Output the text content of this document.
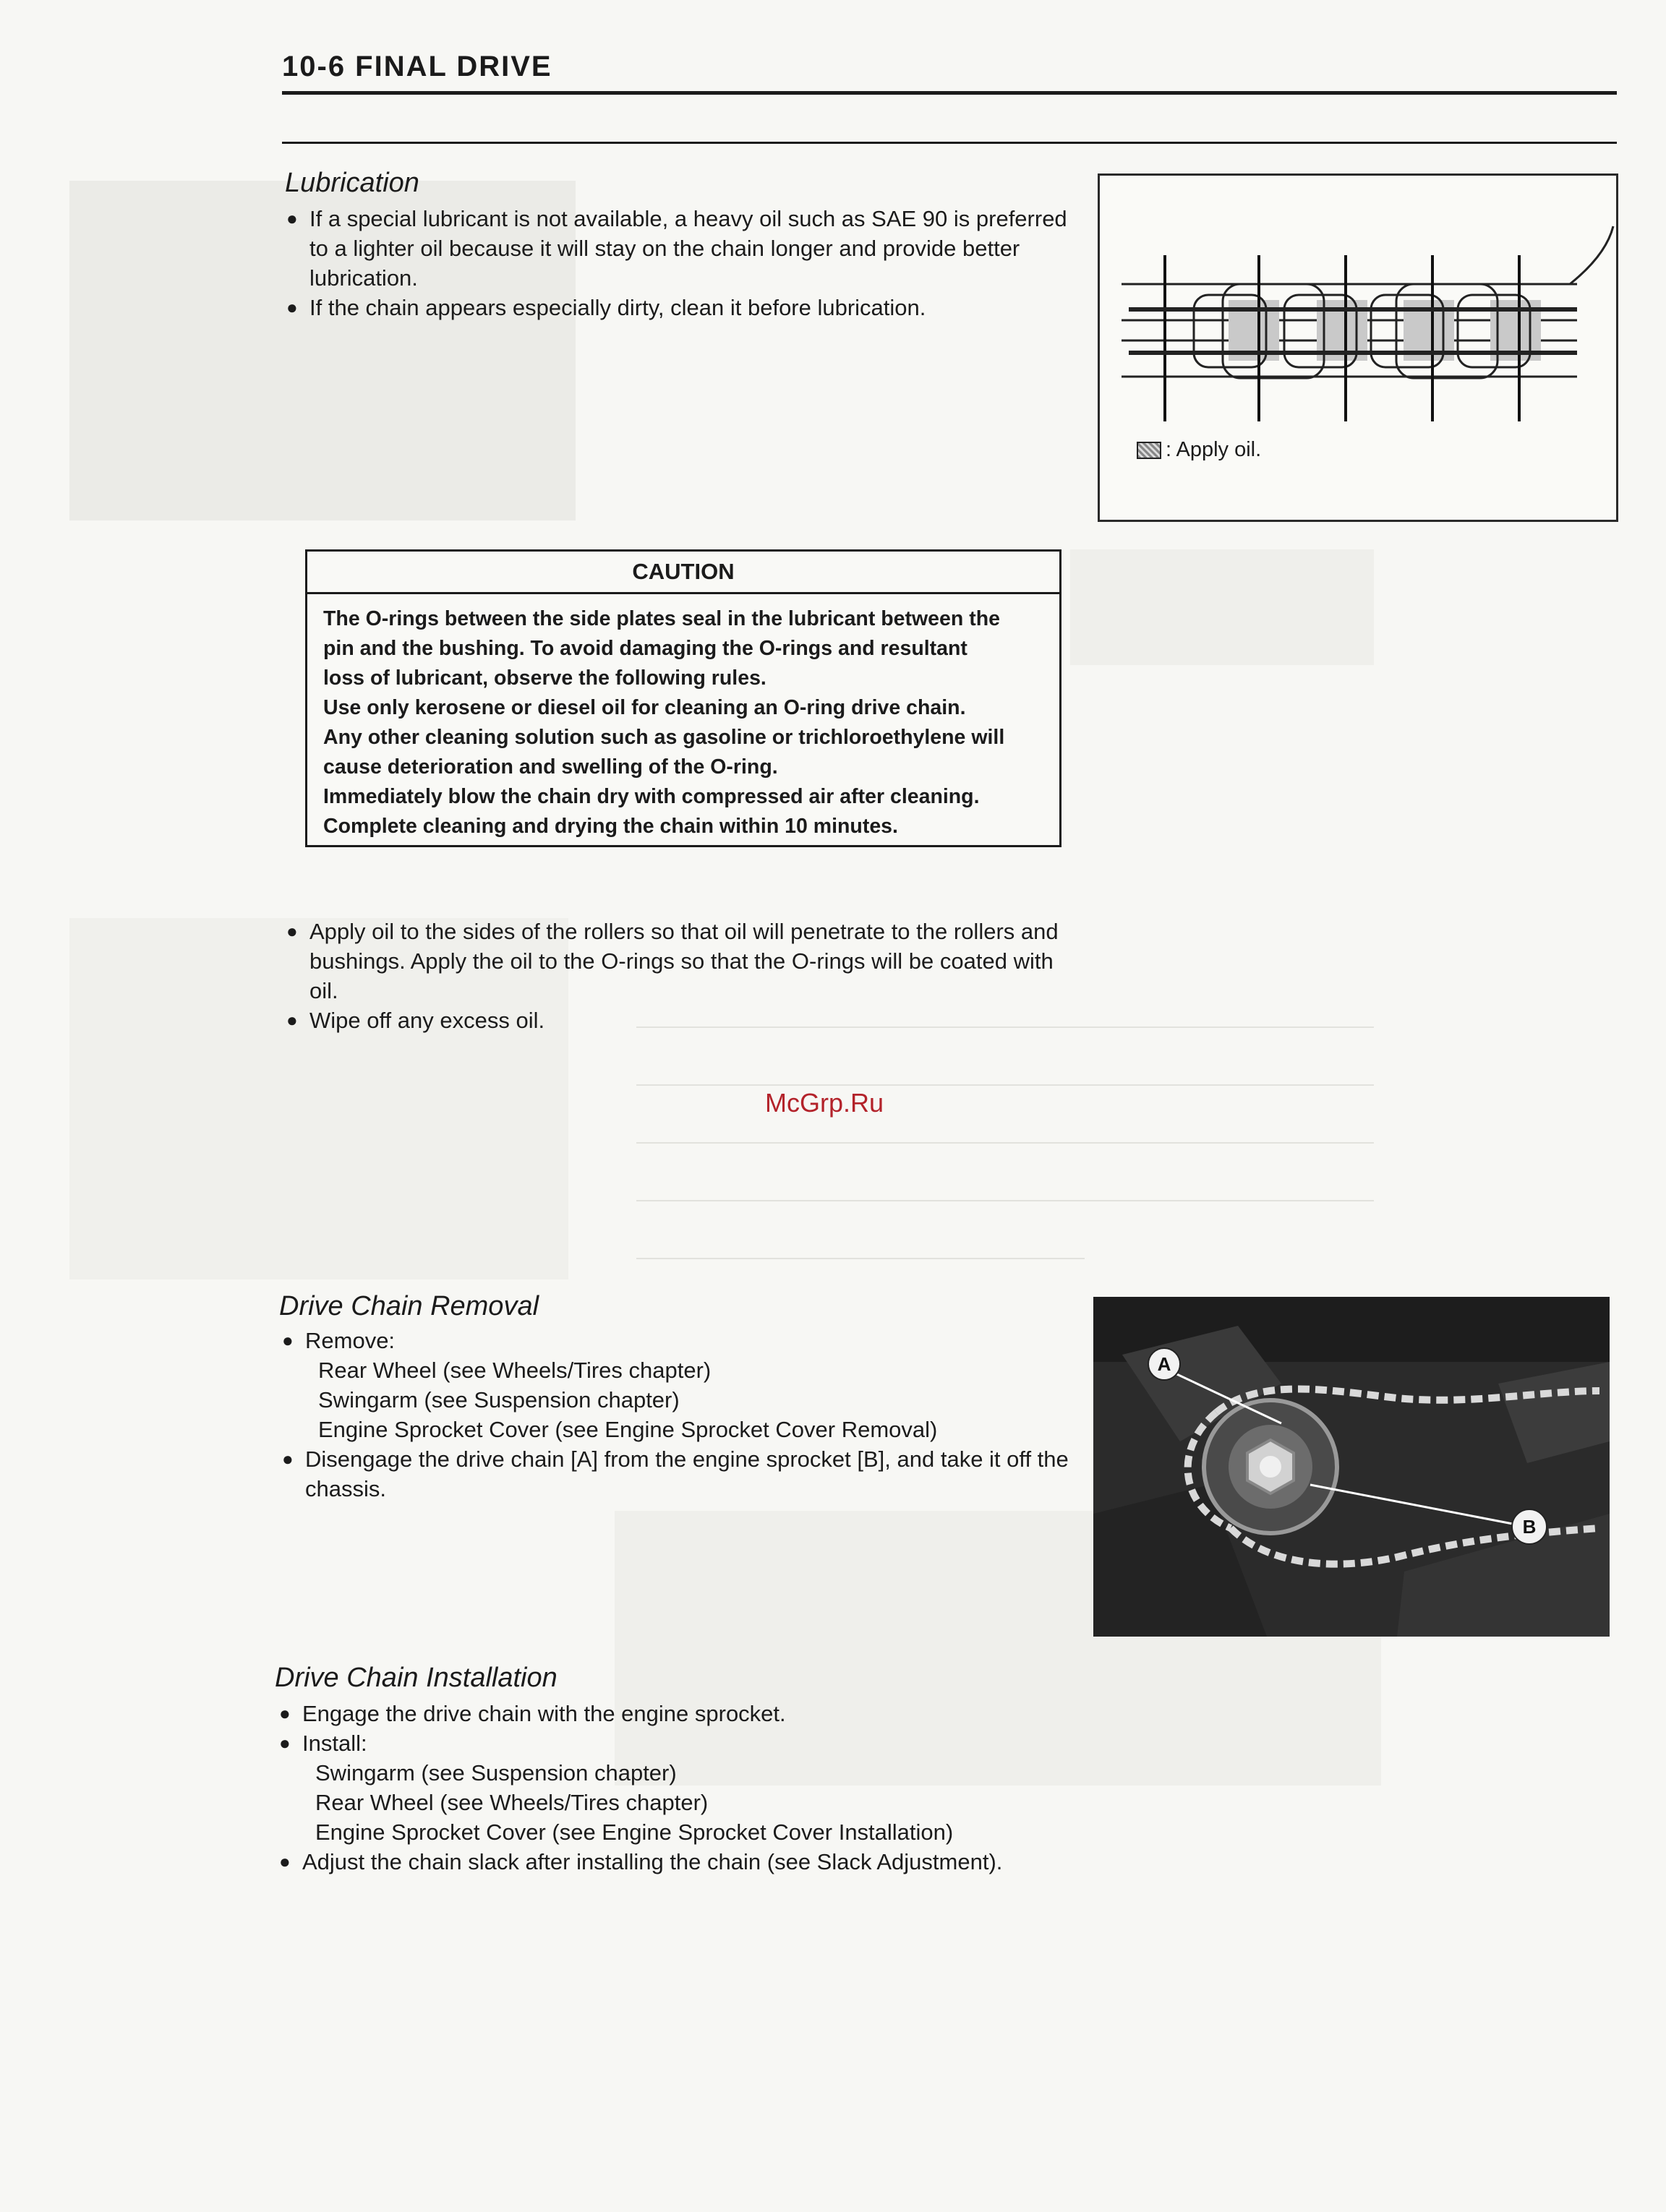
10-6 FINAL DRIVE
Lubrication

● If a special lubricant is not available, a heavy oil such as SAE 90 is preferred to a lighter oil because it will stay on the chain longer and provide better lubrication.

● If the chain appears especially dirty, clean it before lubrication.

: Apply oil.
CAUTION
The O-rings between the side plates seal in the lubricant between the
pin and the bushing. To avoid damaging the O-rings and resultant
loss of lubricant, observe the following rules.
Use only kerosene or diesel oil for cleaning an O-ring drive chain.
Any other cleaning solution such as gasoline or trichloroethylene will
cause deterioration and swelling of the O-ring.
Immediately blow the chain dry with compressed air after cleaning.
Complete cleaning and drying the chain within 10 minutes.

● Apply oil to the sides of the rollers so that oil will penetrate to the rollers and bushings. Apply the oil to the O-rings so that the O-rings will be coated with oil.

● Wipe off any excess oil.

McGrp.Ru
Drive Chain Removal

● Remove:

Rear Wheel (see Wheels/Tires chapter)

Swingarm (see Suspension chapter)

Engine Sprocket Cover (see Engine Sprocket Cover Removal)

● Disengage the drive chain [A] from the engine sprocket [B], and take it off the chassis.

A
B
Drive Chain Installation

● Engage the drive chain with the engine sprocket.

● Install:

Swingarm (see Suspension chapter)

Rear Wheel (see Wheels/Tires chapter)

Engine Sprocket Cover (see Engine Sprocket Cover Installation)

● Adjust the chain slack after installing the chain (see Slack Adjustment).
